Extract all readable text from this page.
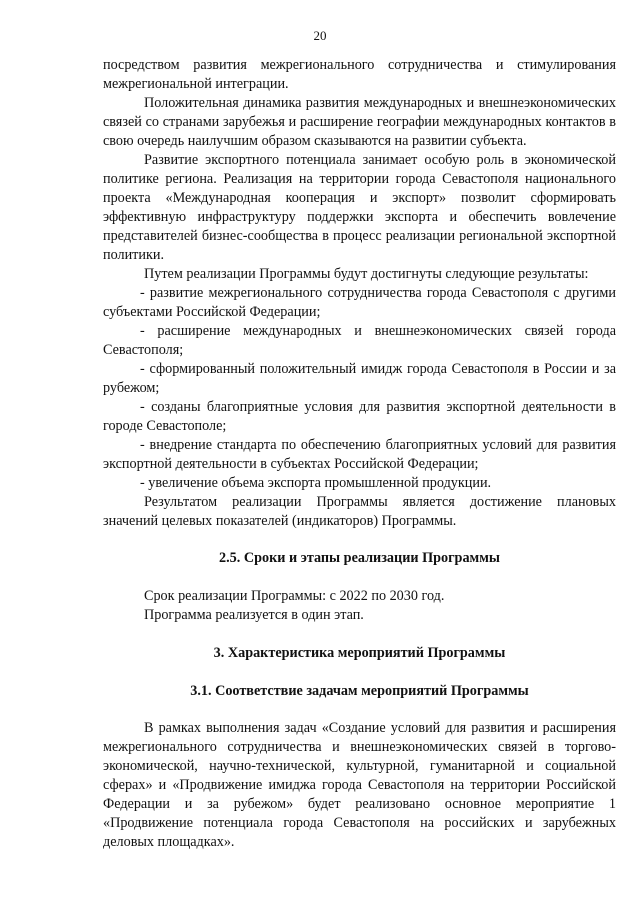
20

посредством развития межрегионального сотрудничества и стимулирования межрегиональной интеграции.

Положительная динамика развития международных и внешнеэкономических связей со странами зарубежья и расширение географии международных контактов в свою очередь наилучшим образом сказываются на развитии субъекта.

Развитие экспортного потенциала занимает особую роль в экономической политике региона. Реализация на территории города Севастополя национального проекта «Международная кооперация и экспорт» позволит сформировать эффективную инфраструктуру поддержки экспорта и обеспечить вовлечение представителей бизнес-сообщества в процесс реализации региональной экспортной политики.

Путем реализации Программы будут достигнуты следующие результаты:

- развитие межрегионального сотрудничества города Севастополя с другими субъектами Российской Федерации;

- расширение международных и внешнеэкономических связей города Севастополя;

- сформированный положительный имидж города Севастополя в России и за рубежом;

- созданы благоприятные условия для развития экспортной деятельности в городе Севастополе;

- внедрение стандарта по обеспечению благоприятных условий для развития экспортной деятельности в субъектах Российской Федерации;

- увеличение объема экспорта промышленной продукции.

Результатом реализации Программы является достижение плановых значений целевых показателей (индикаторов) Программы.

2.5. Сроки и этапы реализации Программы

Срок реализации Программы: с 2022 по 2030 год.

Программа реализуется в один этап.

3. Характеристика мероприятий Программы
3.1. Соответствие задачам мероприятий Программы

В рамках выполнения задач «Создание условий для развития и расширения межрегионального сотрудничества и внешнеэкономических связей в торгово-экономической, научно-технической, культурной, гуманитарной и социальной сферах» и «Продвижение имиджа города Севастополя на территории Российской Федерации и за рубежом» будет реализовано основное мероприятие 1 «Продвижение потенциала города Севастополя на российских и зарубежных деловых площадках».
